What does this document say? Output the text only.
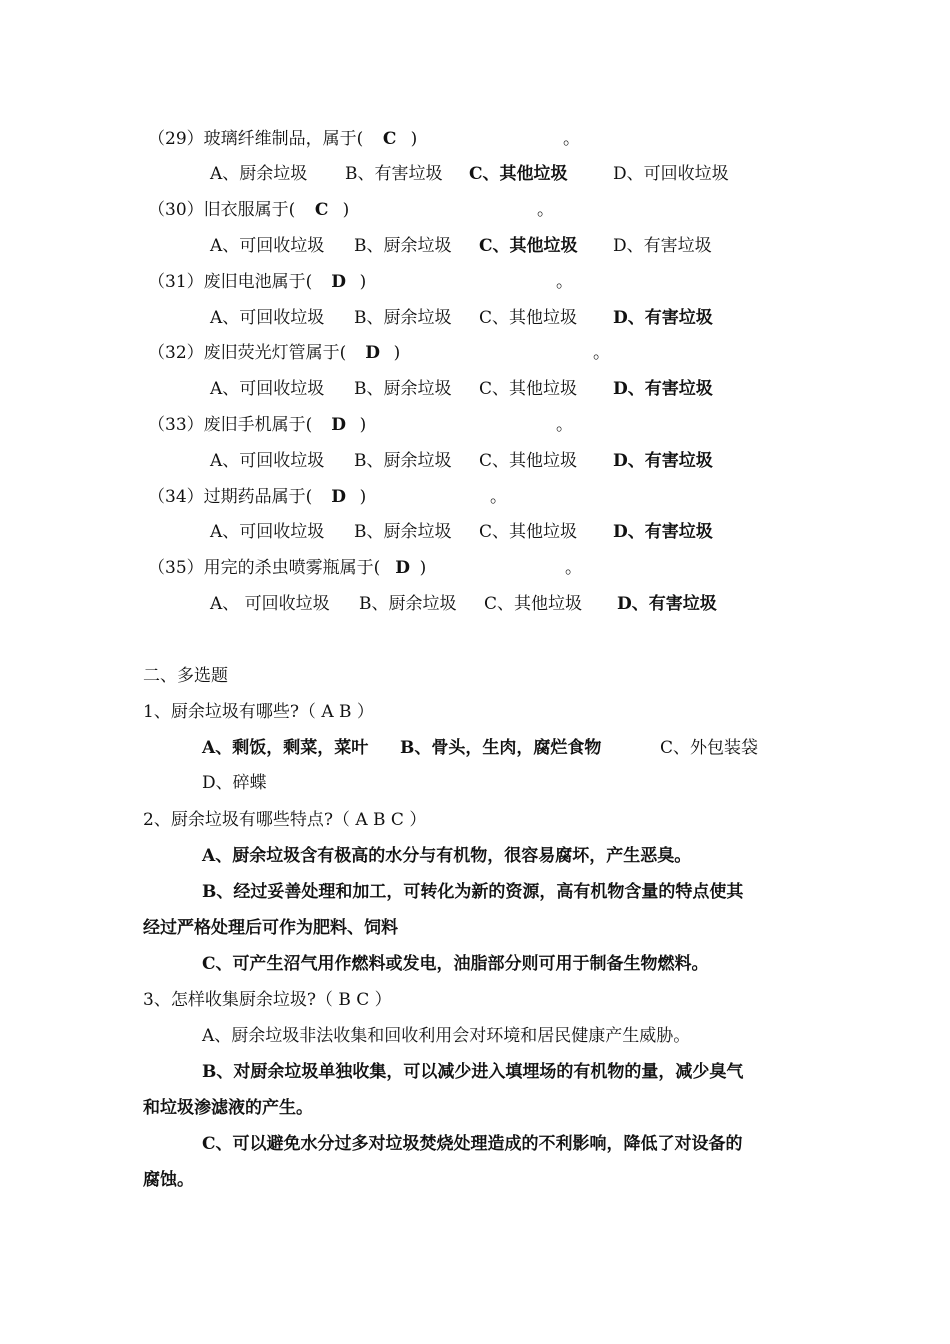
（29）玻璃纤维制品，属于( C )	。
A、厨余垃圾 B、有害垃圾 C、其他垃圾	D、可回收垃圾
（30）旧衣服属于( C )	。
A、可回收垃圾 B、厨余垃圾 C、其他垃圾 D、有害垃圾
（31）废旧电池属于( D )	。
A、可回收垃圾 B、厨余垃圾 C、其他垃圾 D、有害垃圾
（32）废旧荧光灯管属于( D )	。
A、可回收垃圾 B、厨余垃圾 C、其他垃圾 D、有害垃圾
（33）废旧手机属于( D )	。
A、可回收垃圾 B、厨余垃圾 C、其他垃圾 D、有害垃圾
（34）过期药品属于( D )	。
A、可回收垃圾 B、厨余垃圾 C、其他垃圾 D、有害垃圾
（35）用完的杀虫喷雾瓶属于( D )	。
A、 可回收垃圾 B、厨余垃圾 C、其他垃圾 D、有害垃圾
二、多选题
1、厨余垃圾有哪些?（ A B ）
A、剩饭，剩菜，菜叶 B、骨头，生肉，腐烂食物	C、外包装袋
D、碎蝶
2、厨余垃圾有哪些特点?（ A B C ）
A、厨余垃圾含有极高的水分与有机物，很容易腐坏，产生恶臭。
B、经过妥善处理和加工，可转化为新的资源，高有机物含量的特点使其
经过严格处理后可作为肥料、饲料
C、可产生沼气用作燃料或发电，油脂部分则可用于制备生物燃料。
3、怎样收集厨余垃圾?（ B C ）
A、厨余垃圾非法收集和回收利用会对环境和居民健康产生威胁。
B、对厨余垃圾单独收集，可以减少进入填埋场的有机物的量，减少臭气
和垃圾渗滤液的产生。
C、可以避免水分过多对垃圾焚烧处理造成的不利影响，降低了对设备的
腐蚀。
